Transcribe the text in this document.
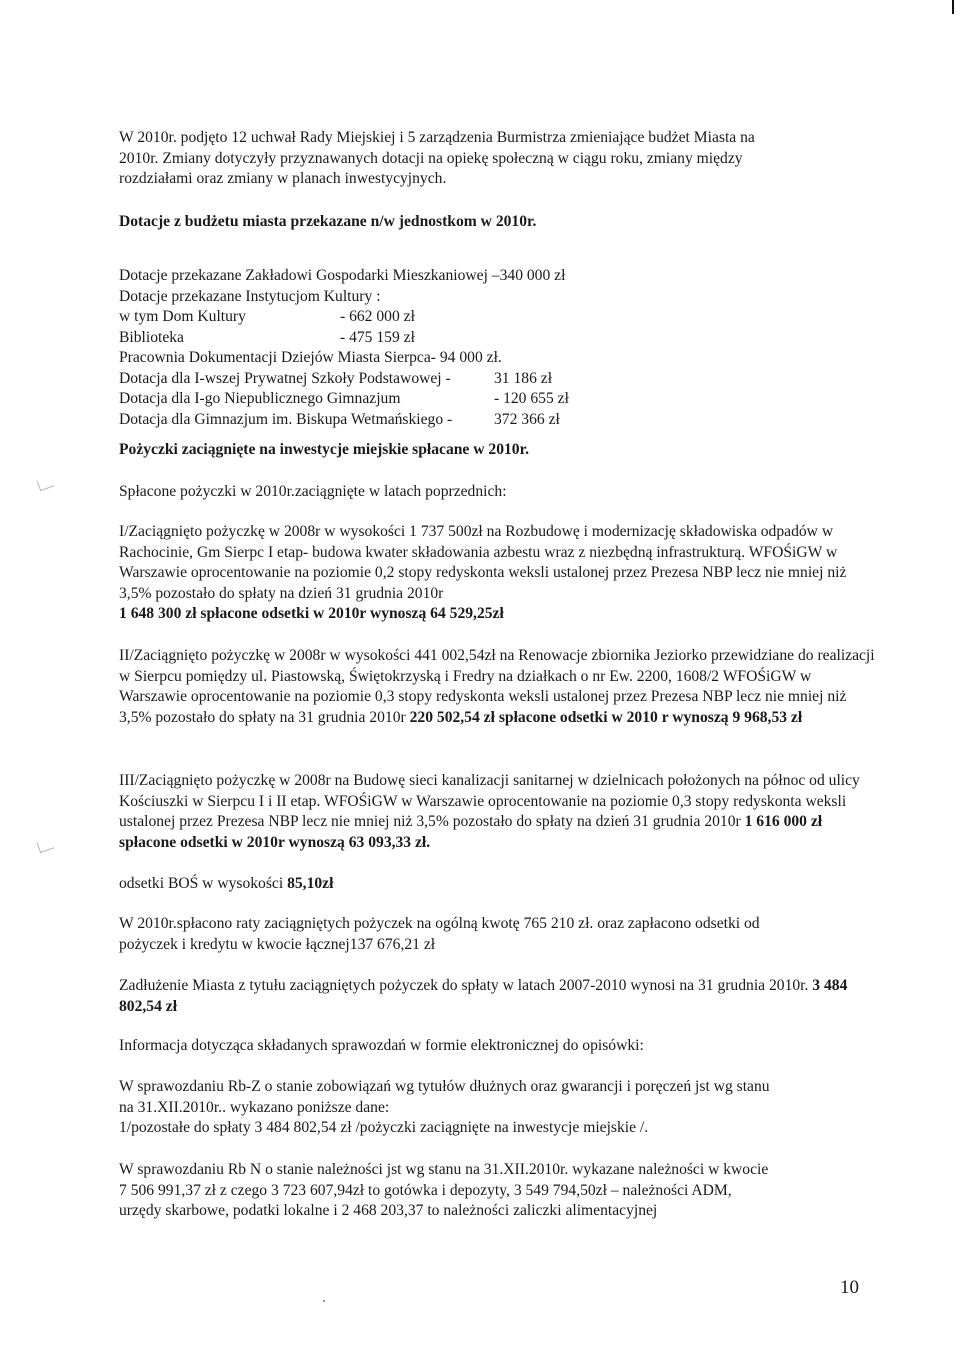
W 2010r. podjęto 12 uchwał Rady Miejskiej i 5 zarządzenia Burmistrza zmieniające budżet Miasta na

2010r. Zmiany dotyczyły przyznawanych dotacji na opiekę społeczną w ciągu roku, zmiany między

rozdziałami oraz zmiany w planach inwestycyjnych.

Dotacje z budżetu miasta przekazane n/w jednostkom w 2010r.

Dotacje przekazane Zakładowi Gospodarki Mieszkaniowej –340 000 zł

Dotacje przekazane Instytucjom Kultury :

w tym Dom Kultury	- 662 000 zł

Biblioteka	- 475 159 zł

Pracownia Dokumentacji Dziejów Miasta Sierpca- 94 000 zł.

Dotacja dla I-wszej Prywatnej Szkoły Podstawowej -	31 186 zł

Dotacja dla I-go Niepublicznego Gimnazjum	- 120 655 zł

Dotacja dla Gimnazjum im. Biskupa Wetmańskiego -	372 366 zł

Pożyczki zaciągnięte na inwestycje miejskie spłacane w 2010r.
Spłacone pożyczki w 2010r.zaciągnięte w latach poprzednich:
I/Zaciągnięto pożyczkę w 2008r w wysokości 1 737 500zł na Rozbudowę i modernizację składowiska odpadów w Rachocinie, Gm Sierpc I etap- budowa kwater składowania azbestu wraz z niezbędną infrastrukturą. WFOŚiGW w Warszawie oprocentowanie na poziomie 0,2 stopy redyskonta weksli ustalonej przez Prezesa NBP lecz nie mniej niż 3,5% pozostało do spłaty na dzień 31 grudnia 2010r
1 648 300 zł spłacone odsetki w 2010r wynoszą 64 529,25zł
II/Zaciągnięto pożyczkę w 2008r w wysokości 441 002,54zł na Renowacje zbiornika Jeziorko przewidziane do realizacji w Sierpcu pomiędzy ul. Piastowską, Świętokrzyską i Fredry na działkach o nr Ew. 2200, 1608/2 WFOŚiGW w Warszawie oprocentowanie na poziomie 0,3 stopy redyskonta weksli ustalonej przez Prezesa NBP lecz nie mniej niż 3,5% pozostało do spłaty na 31 grudnia 2010r 220 502,54 zł spłacone odsetki w 2010 r wynoszą 9 968,53 zł
III/Zaciągnięto pożyczkę w 2008r na Budowę sieci kanalizacji sanitarnej w dzielnicach położonych na północ od ulicy Kościuszki w Sierpcu I i II etap. WFOŚiGW w Warszawie oprocentowanie na poziomie 0,3 stopy redyskonta weksli ustalonej przez Prezesa NBP lecz nie mniej niż 3,5% pozostało do spłaty na dzień 31 grudnia 2010r 1 616 000 zł spłacone odsetki w 2010r wynoszą 63 093,33 zł.
odsetki BOŚ w wysokości 85,10zł

W 2010r.spłacono raty zaciągniętych pożyczek na ogólną kwotę 765 210 zł. oraz zapłacono odsetki od

pożyczek i kredytu w kwocie łącznej137 676,21 zł

Zadłużenie Miasta z tytułu zaciągniętych pożyczek do spłaty w latach 2007-2010 wynosi na 31 grudnia 2010r. 3 484 802,54 zł
Informacja dotycząca składanych sprawozdań w formie elektronicznej do opisówki:

W sprawozdaniu Rb-Z o stanie zobowiązań wg tytułów dłużnych oraz gwarancji i poręczeń jst wg stanu

na 31.XII.2010r.. wykazano poniższe dane:

1/pozostałe do spłaty 3 484 802,54 zł /pożyczki zaciągnięte na inwestycje miejskie /.

W sprawozdaniu Rb N o stanie należności jst wg stanu na 31.XII.2010r. wykazane należności w kwocie

7 506 991,37 zł z czego 3 723 607,94zł to gotówka i depozyty, 3 549 794,50zł – należności ADM,

urzędy skarbowe, podatki lokalne i 2 468 203,37 to należności zaliczki alimentacyjnej

10
